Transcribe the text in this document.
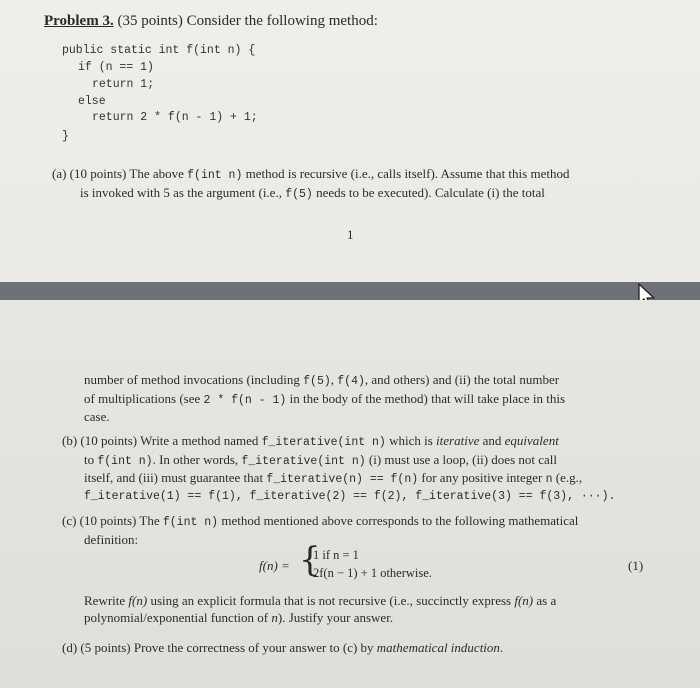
Problem 3. (35 points) Consider the following method:
public static int f(int n) {
if (n == 1)
return 1;
else
return 2 * f(n - 1) + 1;
}
(a) (10 points) The above f(int n) method is recursive (i.e., calls itself). Assume that this method
is invoked with 5 as the argument (i.e., f(5) needs to be executed). Calculate (i) the total
1
number of method invocations (including f(5), f(4), and others) and (ii) the total number
of multiplications (see 2 * f(n - 1) in the body of the method) that will take place in this
case.
(b) (10 points) Write a method named f_iterative(int n) which is iterative and equivalent
to f(int n). In other words, f_iterative(int n) (i) must use a loop, (ii) does not call
itself, and (iii) must guarantee that f_iterative(n) == f(n) for any positive integer n (e.g.,
f_iterative(1) == f(1), f_iterative(2) == f(2), f_iterative(3) == f(3), ···).
(c) (10 points) The f(int n) method mentioned above corresponds to the following mathematical
definition:
f(n) = {
1 if n = 1
2f(n − 1) + 1 otherwise.	(1)
Rewrite f(n) using an explicit formula that is not recursive (i.e., succinctly express f(n) as a
polynomial/exponential function of n). Justify your answer.
(d) (5 points) Prove the correctness of your answer to (c) by mathematical induction.
